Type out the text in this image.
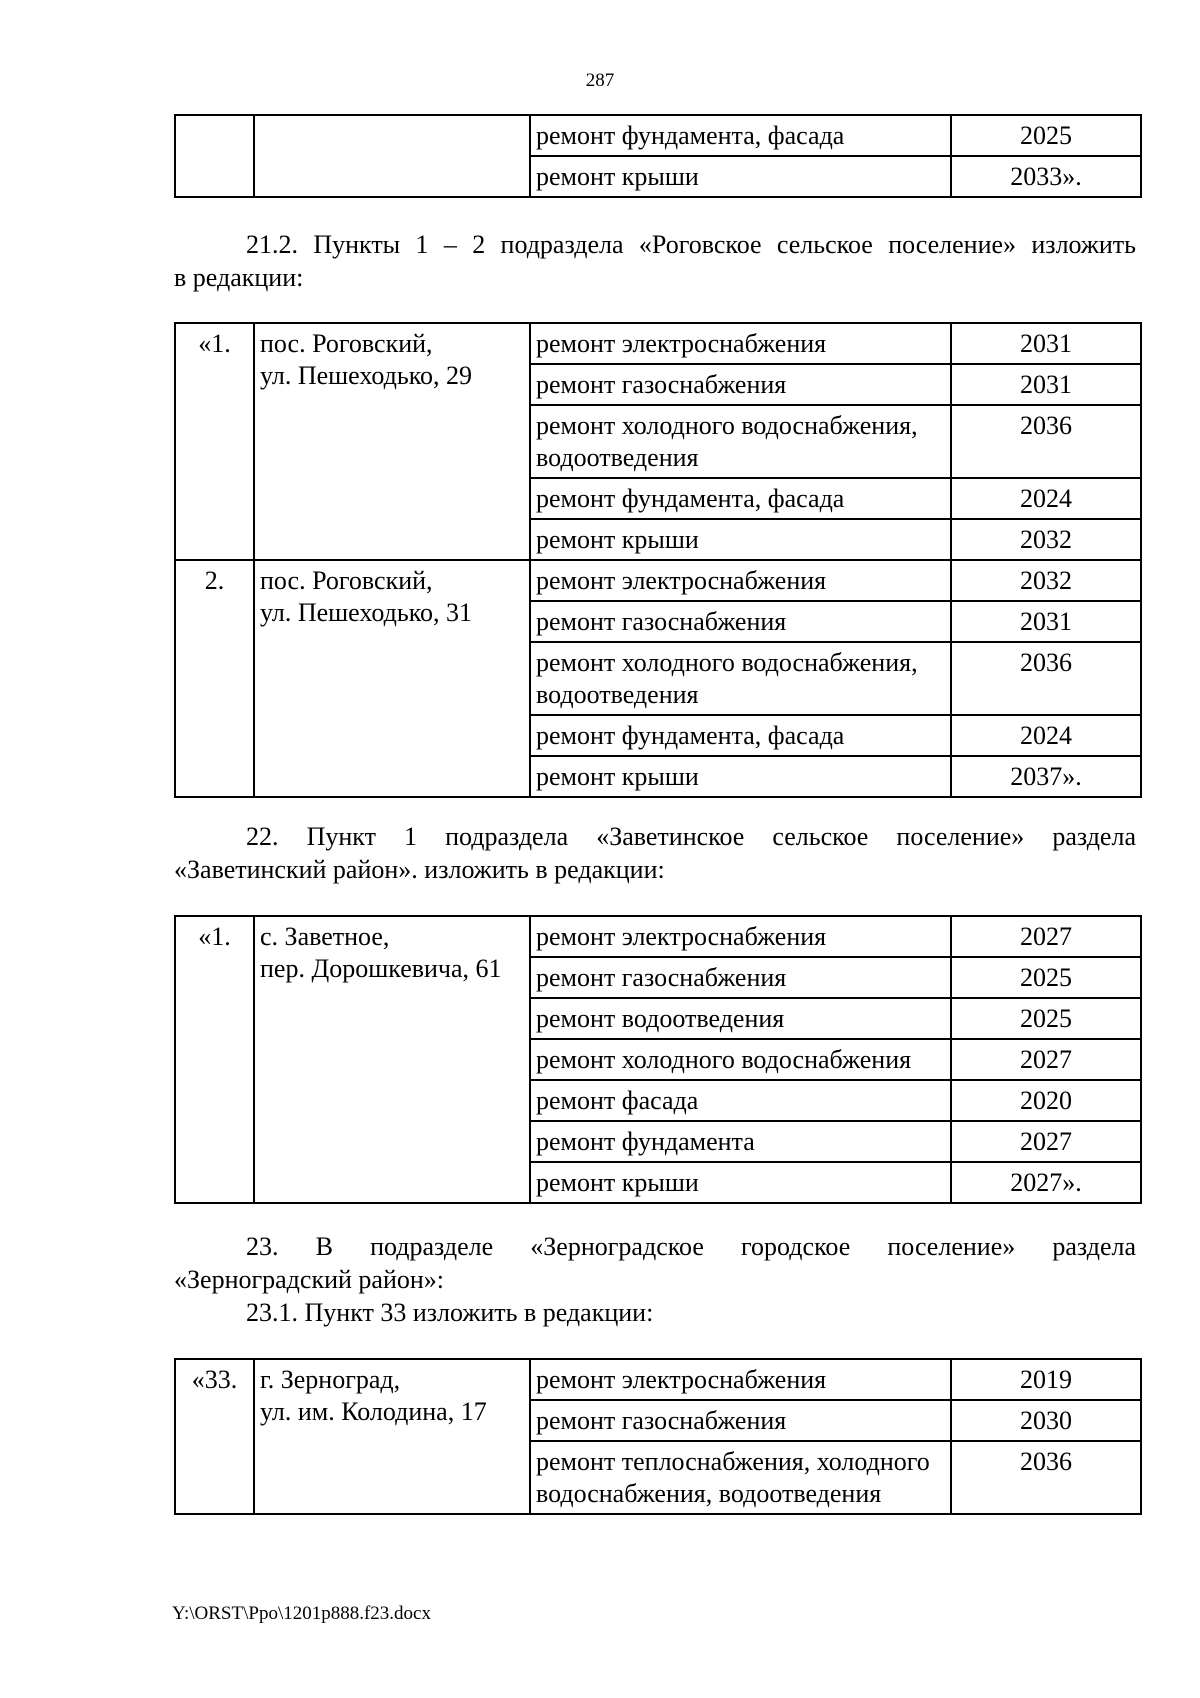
287
		ремонт фундамента, фасада	2025
		ремонт крыши	2033».
21.2. Пункты 1 – 2 подраздела «Роговское сельское поселение» изложить
в редакции:
«1.	пос. Роговский,
ул. Пешеходько, 29	ремонт электроснабжения	2031
		ремонт газоснабжения	2031
		ремонт холодного водоснабжения, водоотведения	2036
		ремонт фундамента, фасада	2024
		ремонт крыши	2032
2.	пос. Роговский,
ул. Пешеходько, 31	ремонт электроснабжения	2032
		ремонт газоснабжения	2031
		ремонт холодного водоснабжения, водоотведения	2036
		ремонт фундамента, фасада	2024
		ремонт крыши	2037».
22. Пункт 1 подраздела «Заветинское сельское поселение» раздела
«Заветинский район». изложить в редакции:
«1.	с. Заветное,
пер. Дорошкевича, 61	ремонт электроснабжения	2027
		ремонт газоснабжения	2025
		ремонт водоотведения	2025
		ремонт холодного водоснабжения	2027
		ремонт фасада	2020
		ремонт фундамента	2027
		ремонт крыши	2027».
23. В подразделе «Зерноградское городское поселение» раздела
«Зерноградский район»:
23.1. Пункт 33 изложить в редакции:
«33.	г. Зерноград,
ул. им. Колодина, 17	ремонт электроснабжения	2019
		ремонт газоснабжения	2030
		ремонт теплоснабжения, холодного водоснабжения, водоотведения	2036
Y:\ORST\Ppo\1201p888.f23.docx
